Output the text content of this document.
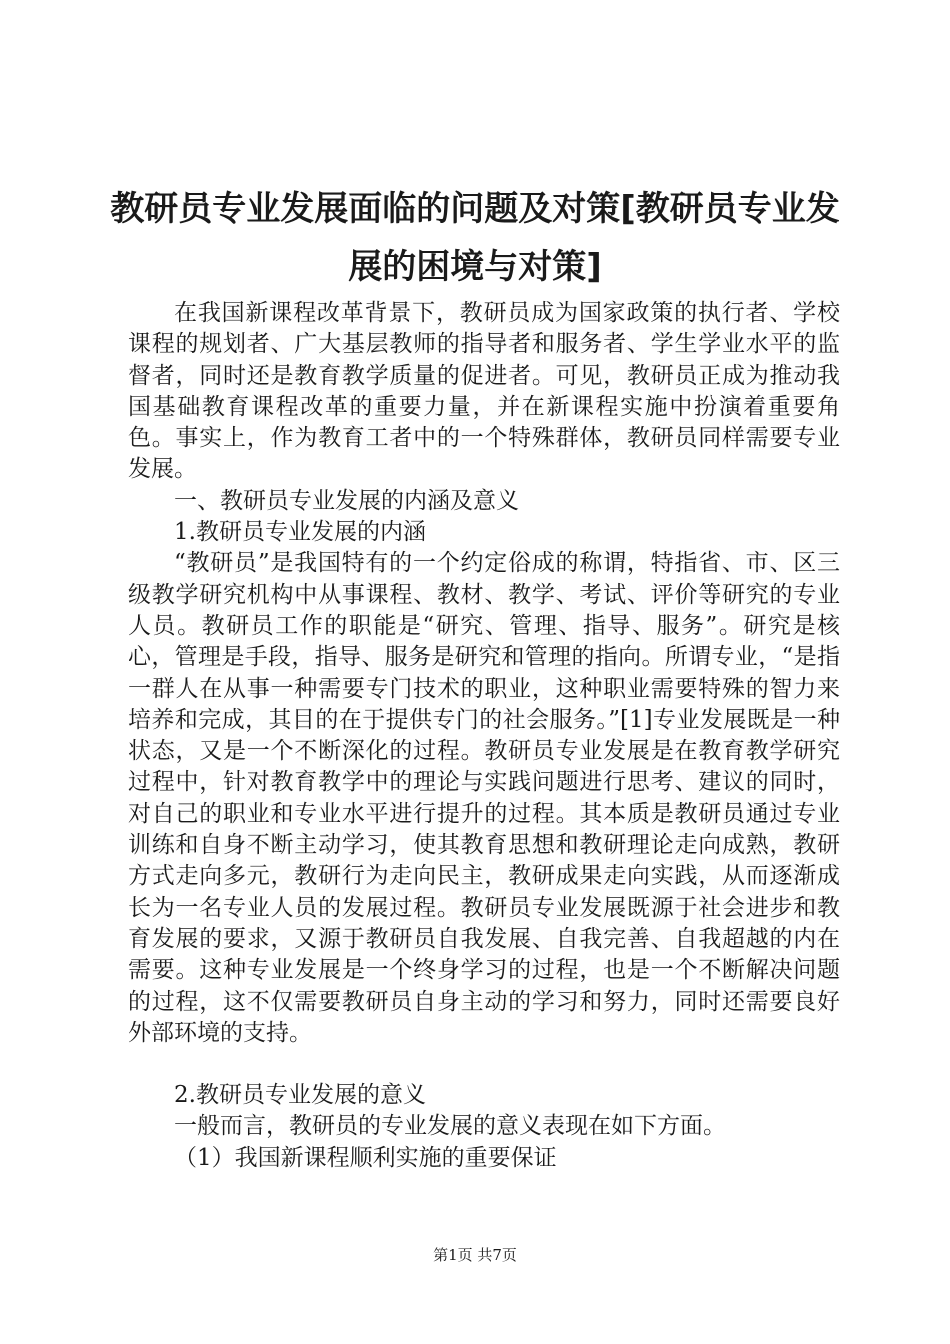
教研员专业发展面临的问题及对策[教研员专业发展的困境与对策]

在我国新课程改革背景下，教研员成为国家政策的执行者、学校课程的规划者、广大基层教师的指导者和服务者、学生学业水平的监督者，同时还是教育教学质量的促进者。可见，教研员正成为推动我国基础教育课程改革的重要力量，并在新课程实施中扮演着重要角色。事实上，作为教育工者中的一个特殊群体，教研员同样需要专业发展。

一、教研员专业发展的内涵及意义

1.教研员专业发展的内涵

“教研员”是我国特有的一个约定俗成的称谓，特指省、市、区三级教学研究机构中从事课程、教材、教学、考试、评价等研究的专业人员。教研员工作的职能是“研究、管理、指导、服务”。研究是核心，管理是手段，指导、服务是研究和管理的指向。所谓专业，“是指一群人在从事一种需要专门技术的职业，这种职业需要特殊的智力来培养和完成，其目的在于提供专门的社会服务。”[1]专业发展既是一种状态，又是一个不断深化的过程。教研员专业发展是在教育教学研究过程中，针对教育教学中的理论与实践问题进行思考、建议的同时，对自己的职业和专业水平进行提升的过程。其本质是教研员通过专业训练和自身不断主动学习，使其教育思想和教研理论走向成熟，教研方式走向多元，教研行为走向民主，教研成果走向实践，从而逐渐成长为一名专业人员的发展过程。教研员专业发展既源于社会进步和教育发展的要求，又源于教研员自我发展、自我完善、自我超越的内在需要。这种专业发展是一个终身学习的过程，也是一个不断解决问题的过程，这不仅需要教研员自身主动的学习和努力，同时还需要良好外部环境的支持。

2.教研员专业发展的意义

一般而言，教研员的专业发展的意义表现在如下方面。

（1）我国新课程顺利实施的重要保证

第1页 共7页
